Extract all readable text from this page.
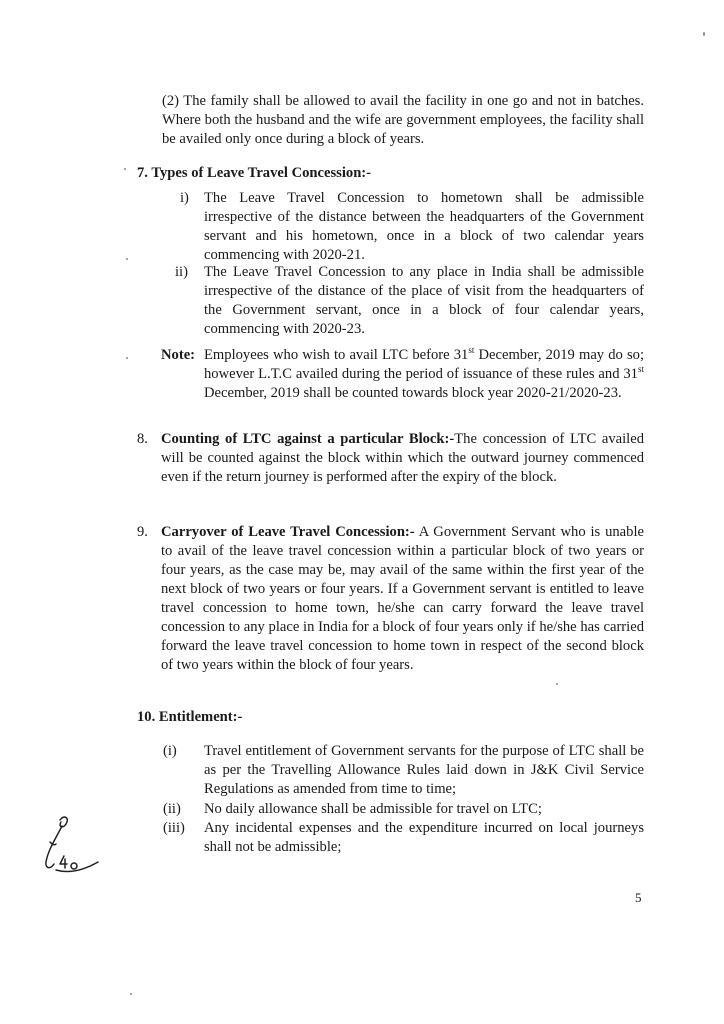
(2) The family shall be allowed to avail the facility in one go and not in batches. Where both the husband and the wife are government employees, the facility shall be availed only once during a block of years.
7. Types of Leave Travel Concession:-
i) The Leave Travel Concession to hometown shall be admissible irrespective of the distance between the headquarters of the Government servant and his hometown, once in a block of two calendar years commencing with 2020-21.
ii) The Leave Travel Concession to any place in India shall be admissible irrespective of the distance of the place of visit from the headquarters of the Government servant, once in a block of four calendar years, commencing with 2020-23.
Note: Employees who wish to avail LTC before 31st December, 2019 may do so; however L.T.C availed during the period of issuance of these rules and 31st December, 2019 shall be counted towards block year 2020-21/2020-23.
8. Counting of LTC against a particular Block:-The concession of LTC availed will be counted against the block within which the outward journey commenced even if the return journey is performed after the expiry of the block.
9. Carryover of Leave Travel Concession:- A Government Servant who is unable to avail of the leave travel concession within a particular block of two years or four years, as the case may be, may avail of the same within the first year of the next block of two years or four years. If a Government servant is entitled to leave travel concession to home town, he/she can carry forward the leave travel concession to any place in India for a block of four years only if he/she has carried forward the leave travel concession to home town in respect of the second block of two years within the block of four years.
10. Entitlement:-
(i) Travel entitlement of Government servants for the purpose of LTC shall be as per the Travelling Allowance Rules laid down in J&K Civil Service Regulations as amended from time to time;
(ii) No daily allowance shall be admissible for travel on LTC;
(iii) Any incidental expenses and the expenditure incurred on local journeys shall not be admissible;
5
